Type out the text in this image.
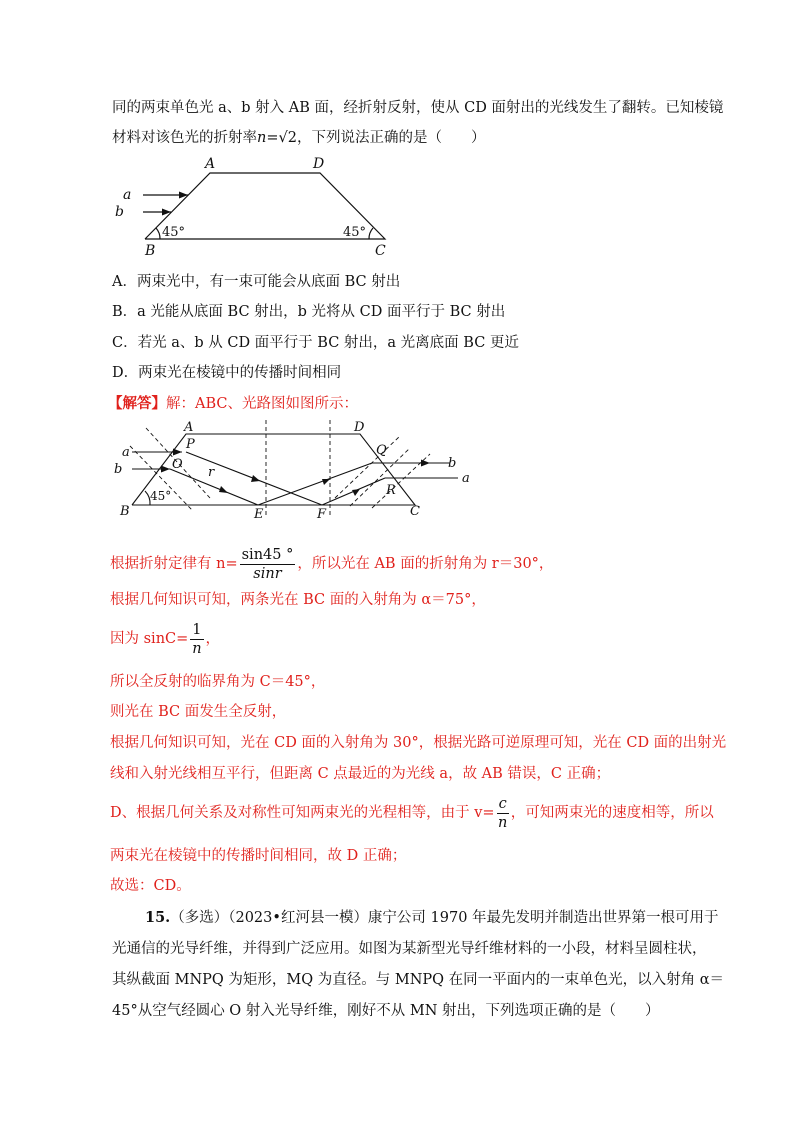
同的两束单色光 a、b 射入 AB 面，经折射反射，使从 CD 面射出的光线发生了翻转。已知棱镜
材料对该色光的折射率n=√2，下列说法正确的是（　　）
A	D
a
b
B	C
45°	45°
A．两束光中，有一束可能会从底面 BC 射出
B．a 光能从底面 BC 射出，b 光将从 CD 面平行于 BC 射出
C．若光 a、b 从 CD 面平行于 BC 射出，a 光离底面 BC 更近
D．两束光在棱镜中的传播时间相同
【解答】解：ABC、光路图如图所示：
A	D
P
O
Q
R
B	C
E	F
a
b	b
a
r
45°
根据折射定律有 $n= \frac{\sin 45 ^\circ}{\sin r}$ ，所以光在 AB 面的折射角为 r＝30°，
根据几何知识可知，两条光在 BC 面的入射角为 α＝75°，
因为 $\sin C= \frac{1}{n}$ ，
所以全反射的临界角为 C＝45°，
则光在 BC 面发生全反射，
根据几何知识可知，光在 CD 面的入射角为 30°，根据光路可逆原理可知，光在 CD 面的出射光
线和入射光线相互平行，但距离 C 点最近的为光线 a，故 AB 错误，C 正确；
D、根据几何关系及对称性可知两束光的光程相等，由于 $v= \frac{c}{n}$ ，可知两束光的速度相等，所以
两束光在棱镜中的传播时间相同，故 D 正确；
故选：CD。
15.（多选）（2023•红河县一模）康宁公司 1970 年最先发明并制造出世界第一根可用于
光通信的光导纤维，并得到广泛应用。如图为某新型光导纤维材料的一小段，材料呈圆柱状，
其纵截面 MNPQ 为矩形，MQ 为直径。与 MNPQ 在同一平面内的一束单色光，以入射角 α＝
45°从空气经圆心 O 射入光导纤维，刚好不从 MN 射出，下列选项正确的是（　　）
